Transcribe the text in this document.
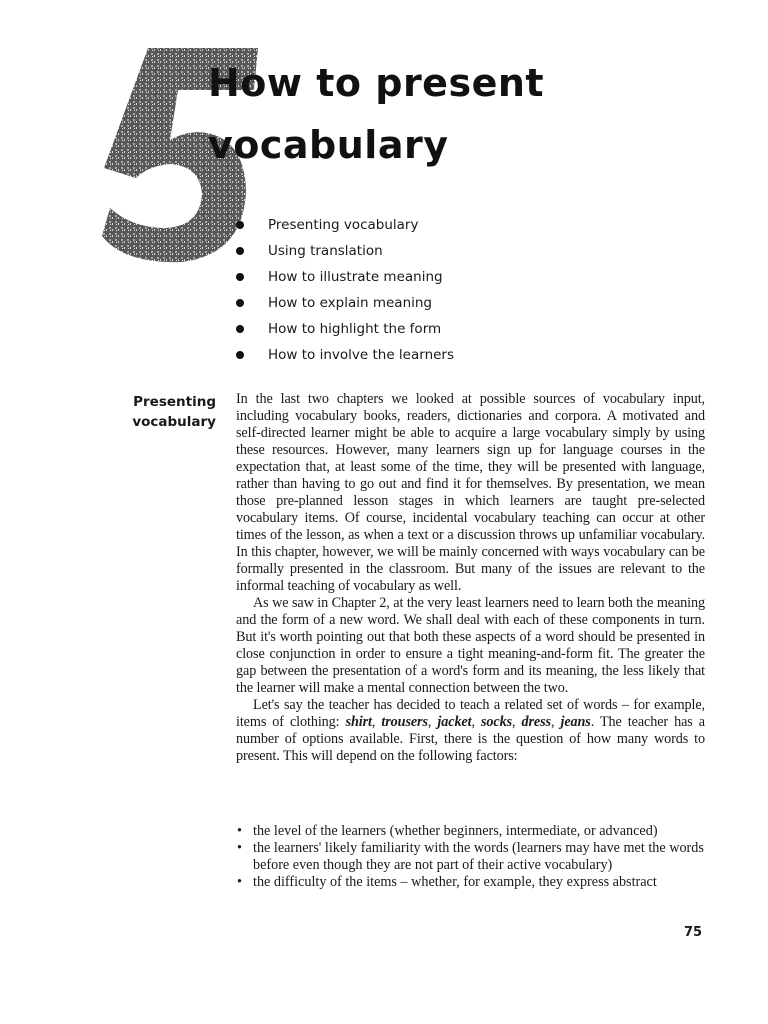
How to present
vocabulary
Presenting vocabulary
Using translation
How to illustrate meaning
How to explain meaning
How to highlight the form
How to involve the learners
Presenting
vocabulary

In the last two chapters we looked at possible sources of vocabulary input, including vocabulary books, readers, dictionaries and corpora. A motivated and self-directed learner might be able to acquire a large vocabulary simply by using these resources. However, many learners sign up for language courses in the expectation that, at least some of the time, they will be presented with language, rather than having to go out and find it for themselves. By presentation, we mean those pre-planned lesson stages in which learners are taught pre-selected vocabulary items. Of course, incidental vocabulary teaching can occur at other times of the lesson, as when a text or a discussion throws up unfamiliar vocabulary. In this chapter, however, we will be mainly concerned with ways vocabulary can be formally presented in the classroom. But many of the issues are relevant to the informal teaching of vocabulary as well.

As we saw in Chapter 2, at the very least learners need to learn both the meaning and the form of a new word. We shall deal with each of these components in turn. But it's worth pointing out that both these aspects of a word should be presented in close conjunction in order to ensure a tight meaning-and-form fit. The greater the gap between the presentation of a word's form and its meaning, the less likely that the learner will make a mental connection between the two.

Let's say the teacher has decided to teach a related set of words – for example, items of clothing: shirt, trousers, jacket, socks, dress, jeans. The teacher has a number of options available. First, there is the question of how many words to present. This will depend on the following factors:

• the level of the learners (whether beginners, intermediate, or advanced)
• the learners' likely familiarity with the words (learners may have met the words before even though they are not part of their active vocabulary)
• the difficulty of the items – whether, for example, they express abstract
75
